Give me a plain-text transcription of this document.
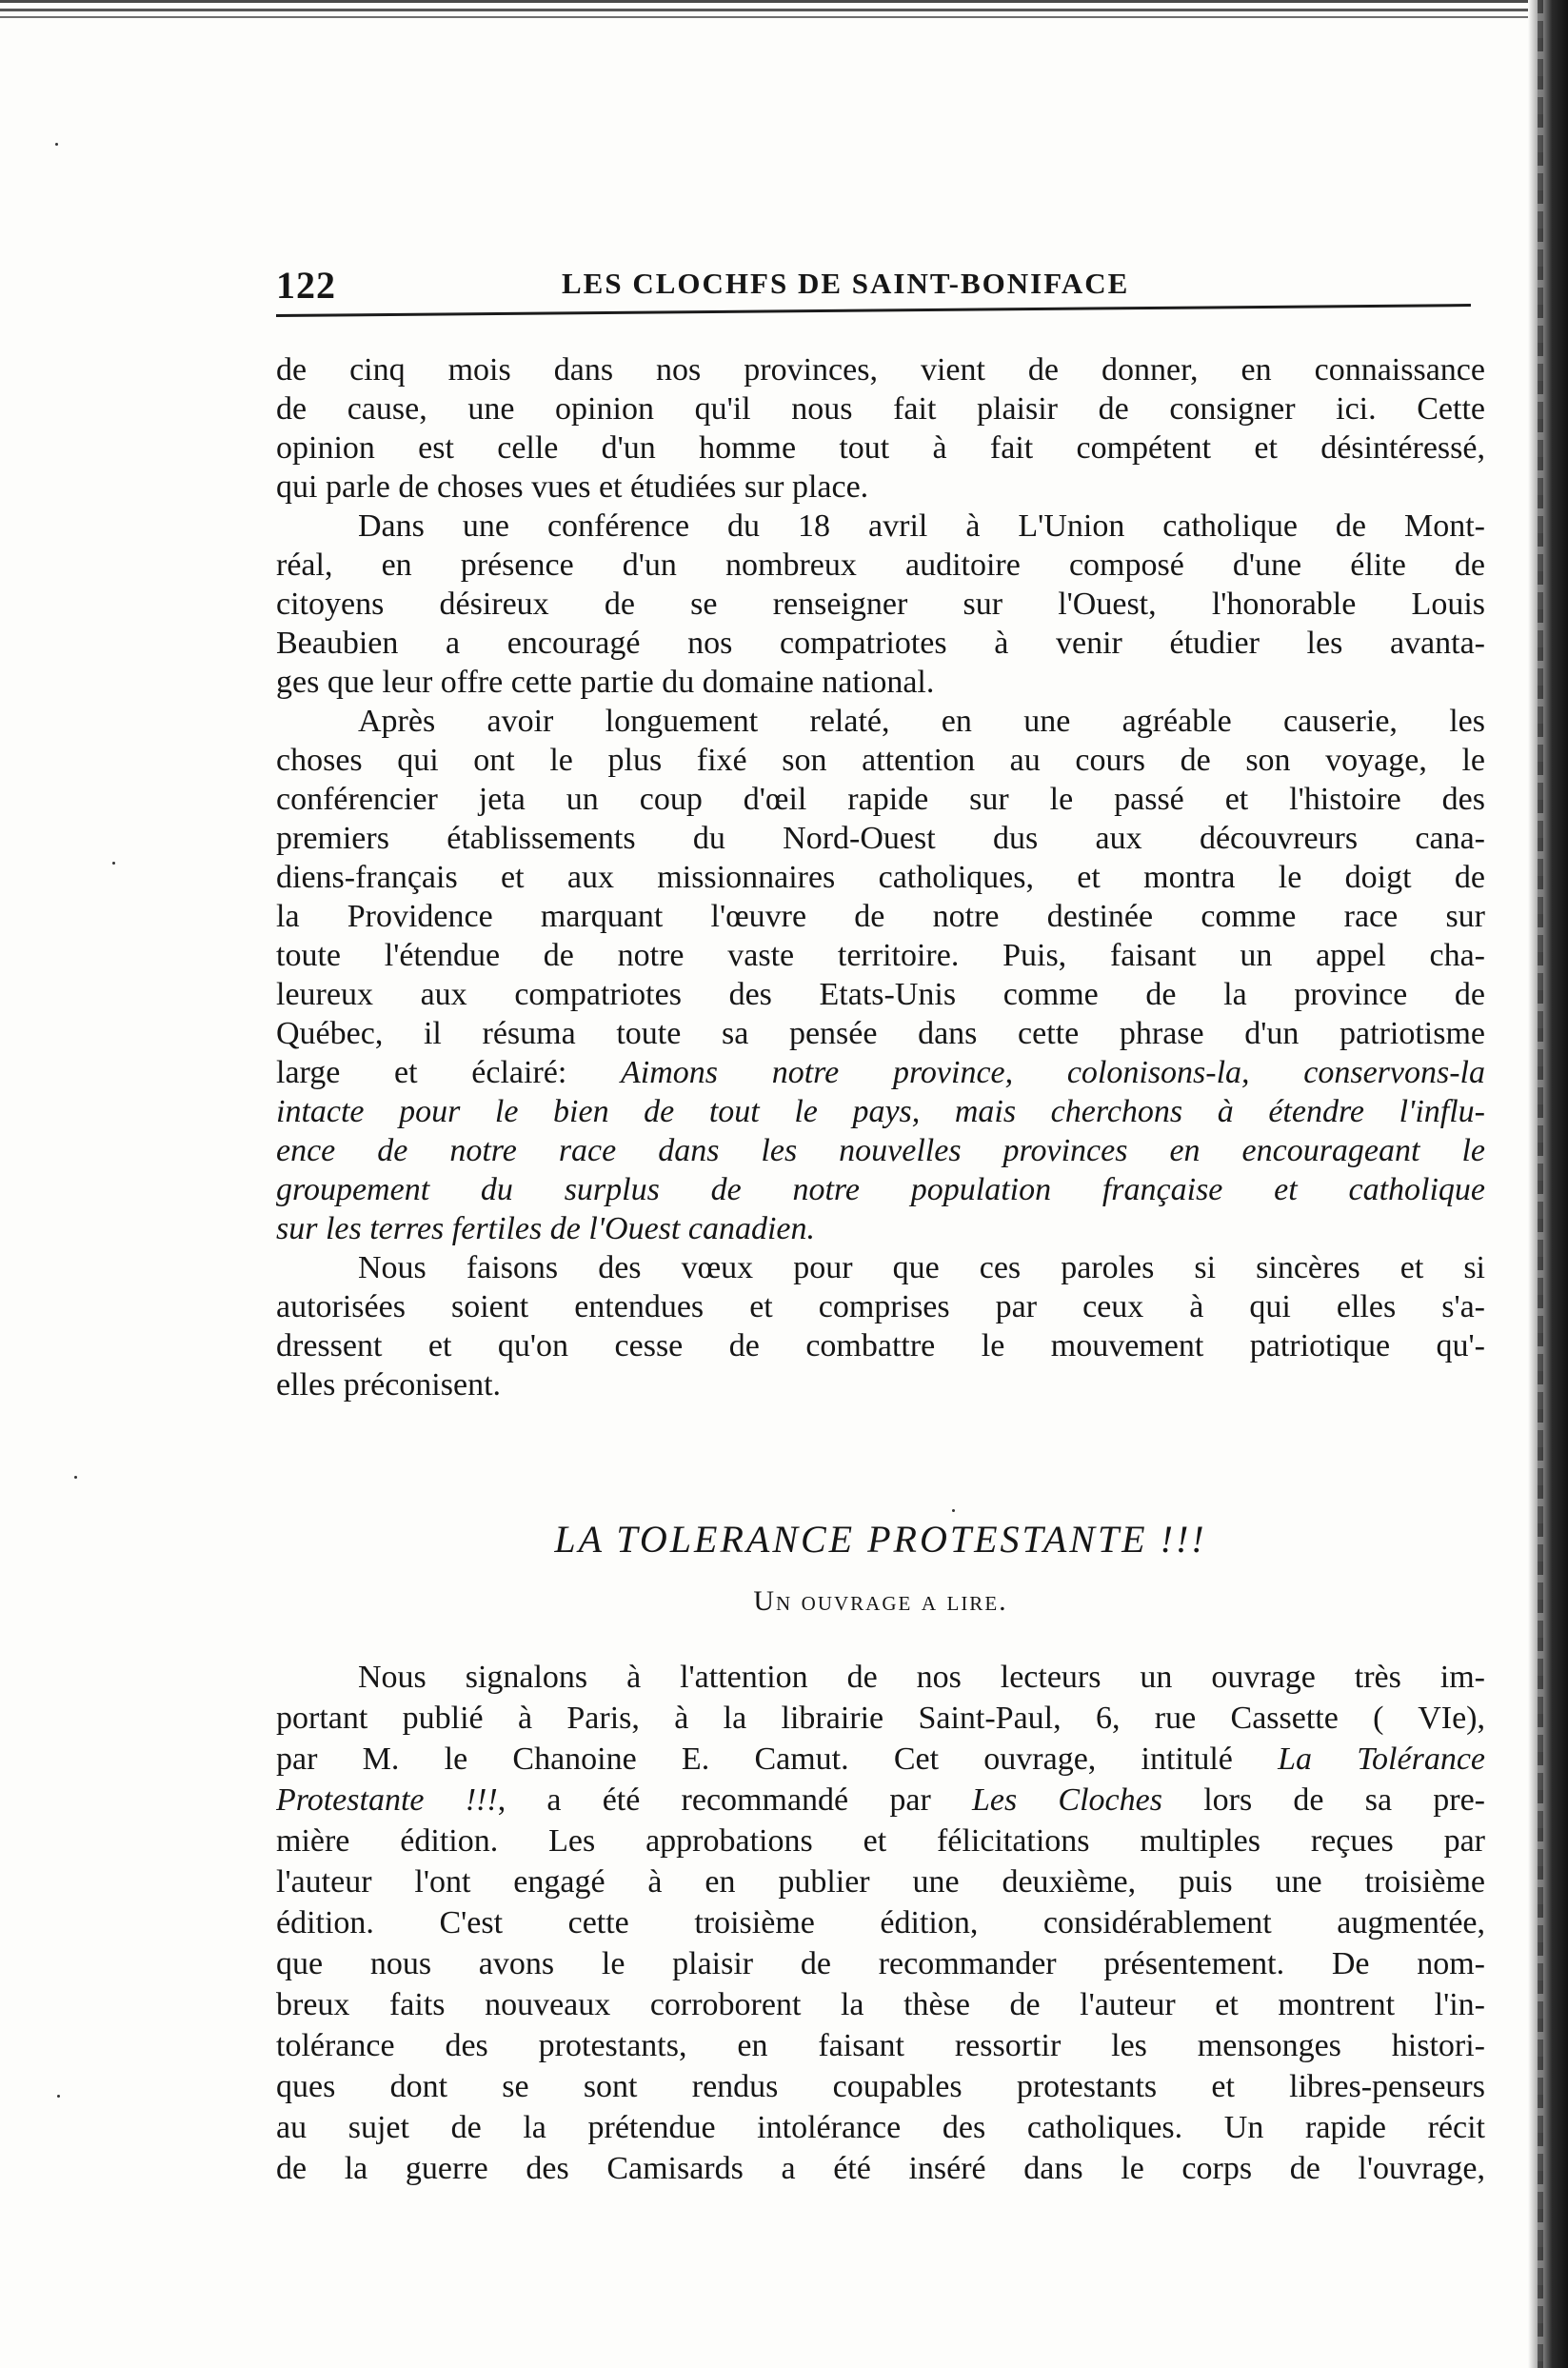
122	LES CLOCHFS DE SAINT-BONIFACE
de cinq mois dans nos provinces, vient de donner, en connaissance
de cause, une opinion qu'il nous fait plaisir de consigner ici. Cette
opinion est celle d'un homme tout à fait compétent et désintéressé,
qui parle de choses vues et étudiées sur place.
Dans une conférence du 18 avril à L'Union catholique de Mont-
réal, en présence d'un nombreux auditoire composé d'une élite de
citoyens désireux de se renseigner sur l'Ouest, l'honorable Louis
Beaubien a encouragé nos compatriotes à venir étudier les avanta-
ges que leur offre cette partie du domaine national.
Après avoir longuement relaté, en une agréable causerie, les
choses qui ont le plus fixé son attention au cours de son voyage, le
conférencier jeta un coup d'œil rapide sur le passé et l'histoire des
premiers établissements du Nord-Ouest dus aux découvreurs cana-
diens-français et aux missionnaires catholiques, et montra le doigt de
la Providence marquant l'œuvre de notre destinée comme race sur
toute l'étendue de notre vaste territoire. Puis, faisant un appel cha-
leureux aux compatriotes des Etats-Unis comme de la province de
Québec, il résuma toute sa pensée dans cette phrase d'un patriotisme
large et éclairé: Aimons notre province, colonisons-la, conservons-la
intacte pour le bien de tout le pays, mais cherchons à étendre l'influ-
ence de notre race dans les nouvelles provinces en encourageant le
groupement du surplus de notre population française et catholique
sur les terres fertiles de l'Ouest canadien.
Nous faisons des vœux pour que ces paroles si sincères et si
autorisées soient entendues et comprises par ceux à qui elles s'a-
dressent et qu'on cesse de combattre le mouvement patriotique qu'-
elles préconisent.
LA TOLERANCE PROTESTANTE !!!
Un ouvrage a lire.
Nous signalons à l'attention de nos lecteurs un ouvrage très im-
portant publié à Paris, à la librairie Saint-Paul, 6, rue Cassette ( VIe),
par M. le Chanoine E. Camut. Cet ouvrage, intitulé La Tolérance
Protestante !!!, a été recommandé par Les Cloches lors de sa pre-
mière édition. Les approbations et félicitations multiples reçues par
l'auteur l'ont engagé à en publier une deuxième, puis une troisième
édition. C'est cette troisième édition, considérablement augmentée,
que nous avons le plaisir de recommander présentement. De nom-
breux faits nouveaux corroborent la thèse de l'auteur et montrent l'in-
tolérance des protestants, en faisant ressortir les mensonges histori-
ques dont se sont rendus coupables protestants et libres-penseurs
au sujet de la prétendue intolérance des catholiques. Un rapide récit
de la guerre des Camisards a été inséré dans le corps de l'ouvrage,
